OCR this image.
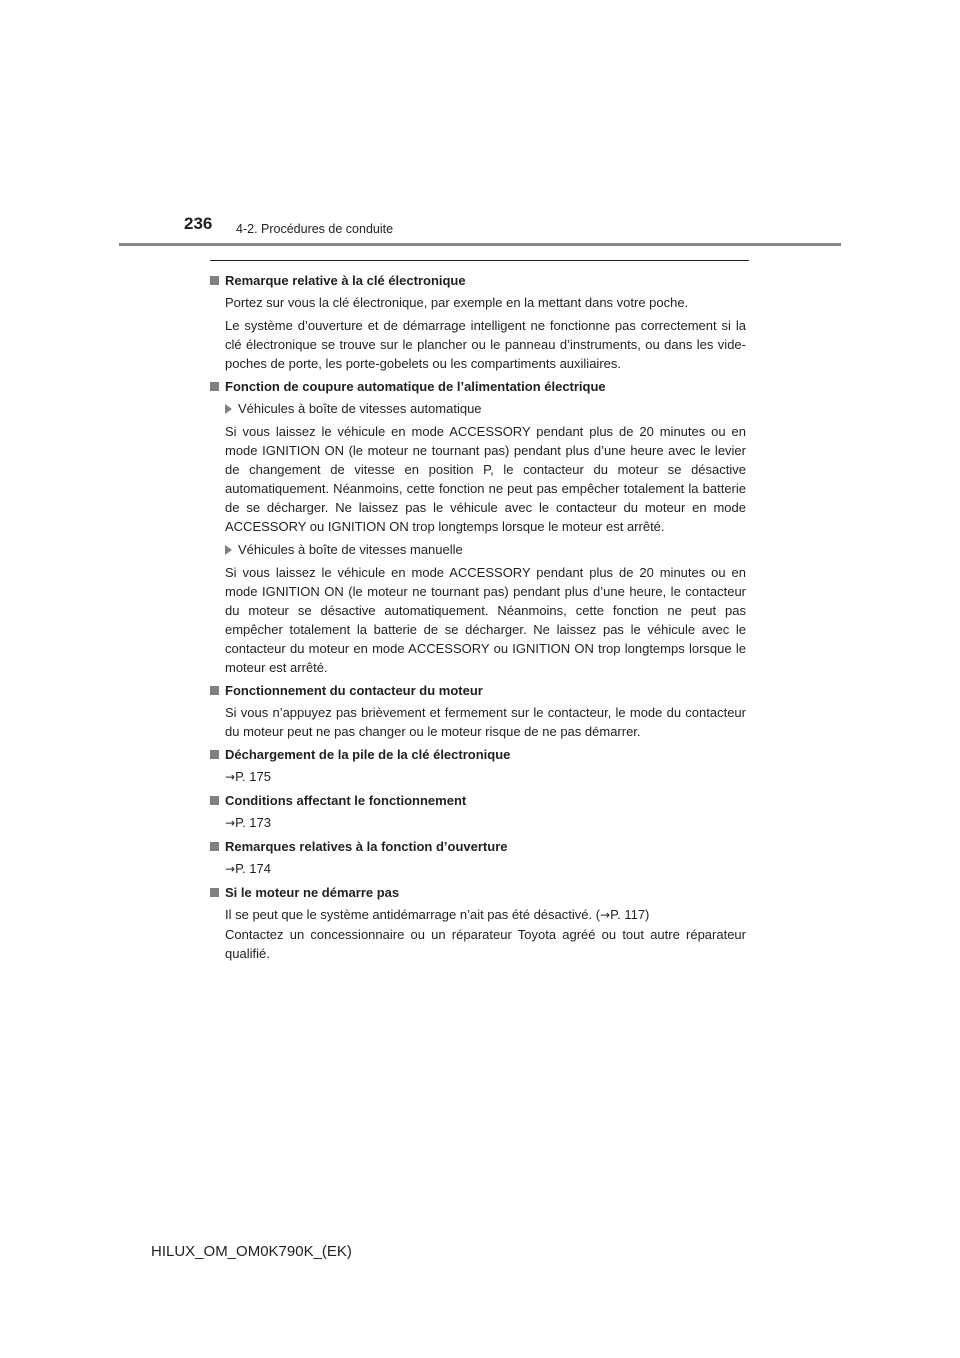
236 4-2. Procédures de conduite
Remarque relative à la clé électronique
Portez sur vous la clé électronique, par exemple en la mettant dans votre poche.
Le système d’ouverture et de démarrage intelligent ne fonctionne pas correctement si la clé électronique se trouve sur le plancher ou le panneau d’instruments, ou dans les vide-poches de porte, les porte-gobelets ou les compartiments auxiliaires.
Fonction de coupure automatique de l’alimentation électrique
Véhicules à boîte de vitesses automatique
Si vous laissez le véhicule en mode ACCESSORY pendant plus de 20 minutes ou en mode IGNITION ON (le moteur ne tournant pas) pendant plus d’une heure avec le levier de changement de vitesse en position P, le contacteur du moteur se désactive automatiquement. Néanmoins, cette fonction ne peut pas empêcher totalement la batterie de se décharger. Ne laissez pas le véhicule avec le contacteur du moteur en mode ACCESSORY ou IGNITION ON trop longtemps lorsque le moteur est arrêté.
Véhicules à boîte de vitesses manuelle
Si vous laissez le véhicule en mode ACCESSORY pendant plus de 20 minutes ou en mode IGNITION ON (le moteur ne tournant pas) pendant plus d’une heure, le contacteur du moteur se désactive automatiquement. Néanmoins, cette fonction ne peut pas empêcher totalement la batterie de se décharger. Ne laissez pas le véhicule avec le contacteur du moteur en mode ACCESSORY ou IGNITION ON trop longtemps lorsque le moteur est arrêté.
Fonctionnement du contacteur du moteur
Si vous n’appuyez pas brièvement et fermement sur le contacteur, le mode du contacteur du moteur peut ne pas changer ou le moteur risque de ne pas démarrer.
Déchargement de la pile de la clé électronique
→P. 175
Conditions affectant le fonctionnement
→P. 173
Remarques relatives à la fonction d’ouverture
→P. 174
Si le moteur ne démarre pas
Il se peut que le système antidémarrage n’ait pas été désactivé. (→P. 117)
Contactez un concessionnaire ou un réparateur Toyota agréé ou tout autre réparateur qualifié.
HILUX_OM_OM0K790K_(EK)
